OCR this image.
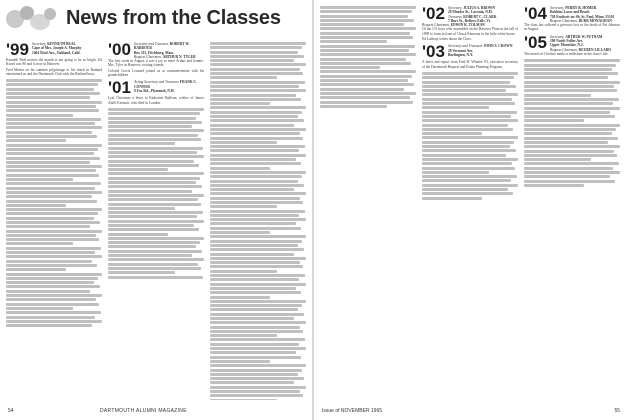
News from the Classes
'99 Secretary, KENNETH BEAL
Cape of Mrs. Joseph A. Murphy
1404 82nd Ave., Oakland, Calif.

Kenneth Beal notices the month is not going to be as bright. Ed Kissel was 90 and is now in Hanover.

Fred Martin on his summer pilgrimage to his shack in Rutland entertained us and the Dartmouth Club with the Rutland boys.

'00 Secretary and Treasurer ROBERT W. BARBOUR
Box 315, Fitchburg, Mass.
Bequest Chairman, ARTHUR N. TYLER

The first week in August it was a joy to meet Arthur and Jeanne-Mrs. Tyler in Hanover, visiting friends.

Colonel Lewis Leonard joined us at commencement with his grandchildren.

'01 Acting Secretary and Treasurer FRANK C. CONNOR
9 Fox Rd., Plymouth, N.H.

Lyal Christmas a letter to Katherine Balloon, widow of James Adolf Kermott, who died in London.

54	DARTMOUTH ALUMNI MAGAZINE
'02 Secretary, JULIUS A. BROWN
29 Meader St., Laconia, N.H.
Treasurer, ROBERT C. CLARK
7 Burt St., Bellows Falls, Vt.
Bequest Chairman, EDWIN K. TOLMAN

Of the 131 boys who assembled on the Hanover Plain in the fall of 1898 to form in front of Chuck Emerson in the little white house.

Ed Lathrop writes about the Class.

'03 Secretary and Treasurer JOHN S. CROWN
28 Vermont Ave.
Burlington, N.Y.

A letter and report from Fred H. Whalen '03, executive secretary of the Dartmouth Bequest and Estate Planning Program.

'04 Secretary, PERRY B. HOMER
Robbins Lawn and Beach
720 Endicott-on-Sb, St. Paul, Minn. 55101
Bequest Chairman, BURR MONAGHAN

The class has suffered a grievous loss in the death of Pat Johnson in August.

'05 Secretary, ARTHUR W. PUTNAM
190 North Fuller Ave.
Upper Montclair, N.J.
Bequest Chairman, REUBEN LILLARD

The march of October marks a milestone in the class's life.

Issue of NOVEMBER 1965	55
